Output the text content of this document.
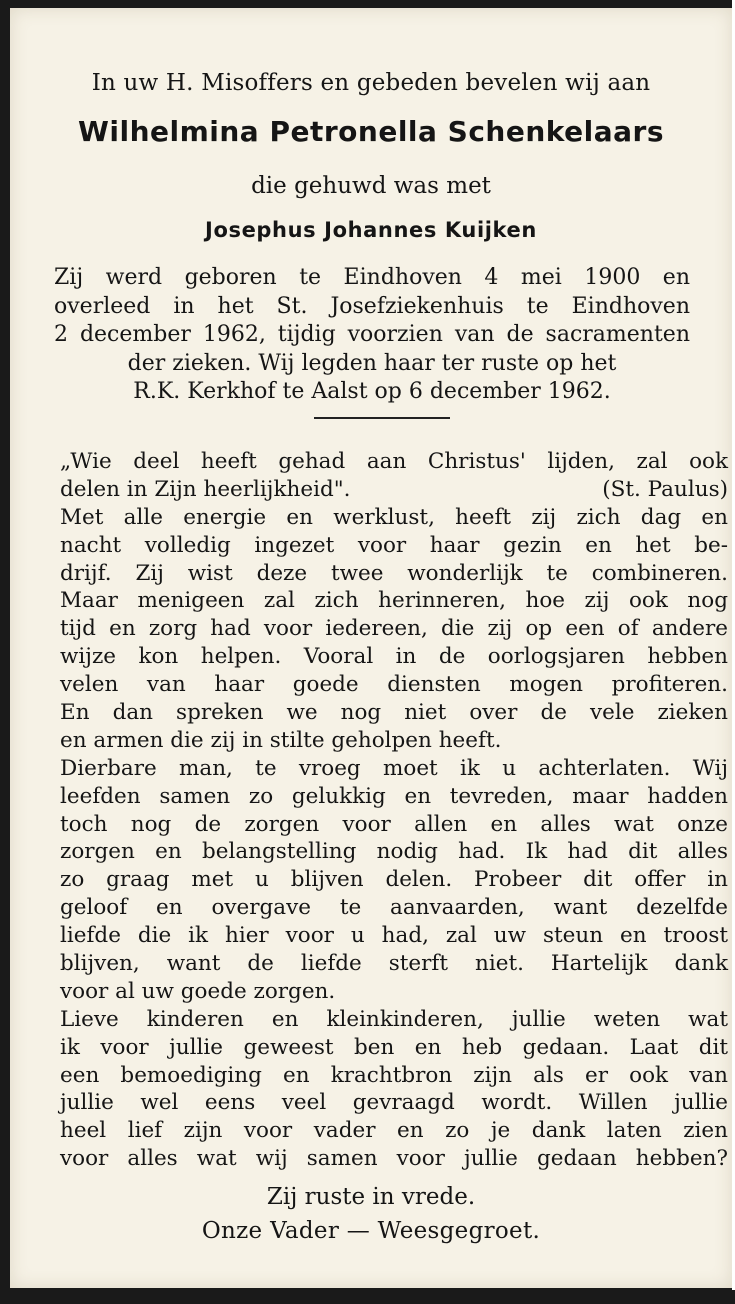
In uw H. Misoffers en gebeden bevelen wij aan
Wilhelmina Petronella Schenkelaars
die gehuwd was met
Josephus Johannes Kuijken
Zij werd geboren te Eindhoven 4 mei 1900 en
overleed in het St. Josefziekenhuis te Eindhoven
2 december 1962, tijdig voorzien van de sacramenten
der zieken. Wij legden haar ter ruste op het
R.K. Kerkhof te Aalst op 6 december 1962.
„Wie deel heeft gehad aan Christus' lijden, zal ook
delen in Zijn heerlijkheid".	(St. Paulus)
Met alle energie en werklust, heeft zij zich dag en
nacht volledig ingezet voor haar gezin en het be-
drijf. Zij wist deze twee wonderlijk te combineren.
Maar menigeen zal zich herinneren, hoe zij ook nog
tijd en zorg had voor iedereen, die zij op een of andere
wijze kon helpen. Vooral in de oorlogsjaren hebben
velen van haar goede diensten mogen profiteren.
En dan spreken we nog niet over de vele zieken
en armen die zij in stilte geholpen heeft.
Dierbare man, te vroeg moet ik u achterlaten. Wij
leefden samen zo gelukkig en tevreden, maar hadden
toch nog de zorgen voor allen en alles wat onze
zorgen en belangstelling nodig had. Ik had dit alles
zo graag met u blijven delen. Probeer dit offer in
geloof en overgave te aanvaarden, want dezelfde
liefde die ik hier voor u had, zal uw steun en troost
blijven, want de liefde sterft niet. Hartelijk dank
voor al uw goede zorgen.
Lieve kinderen en kleinkinderen, jullie weten wat
ik voor jullie geweest ben en heb gedaan. Laat dit
een bemoediging en krachtbron zijn als er ook van
jullie wel eens veel gevraagd wordt. Willen jullie
heel lief zijn voor vader en zo je dank laten zien
voor alles wat wij samen voor jullie gedaan hebben?
Zij ruste in vrede.
Onze Vader — Weesgegroet.
